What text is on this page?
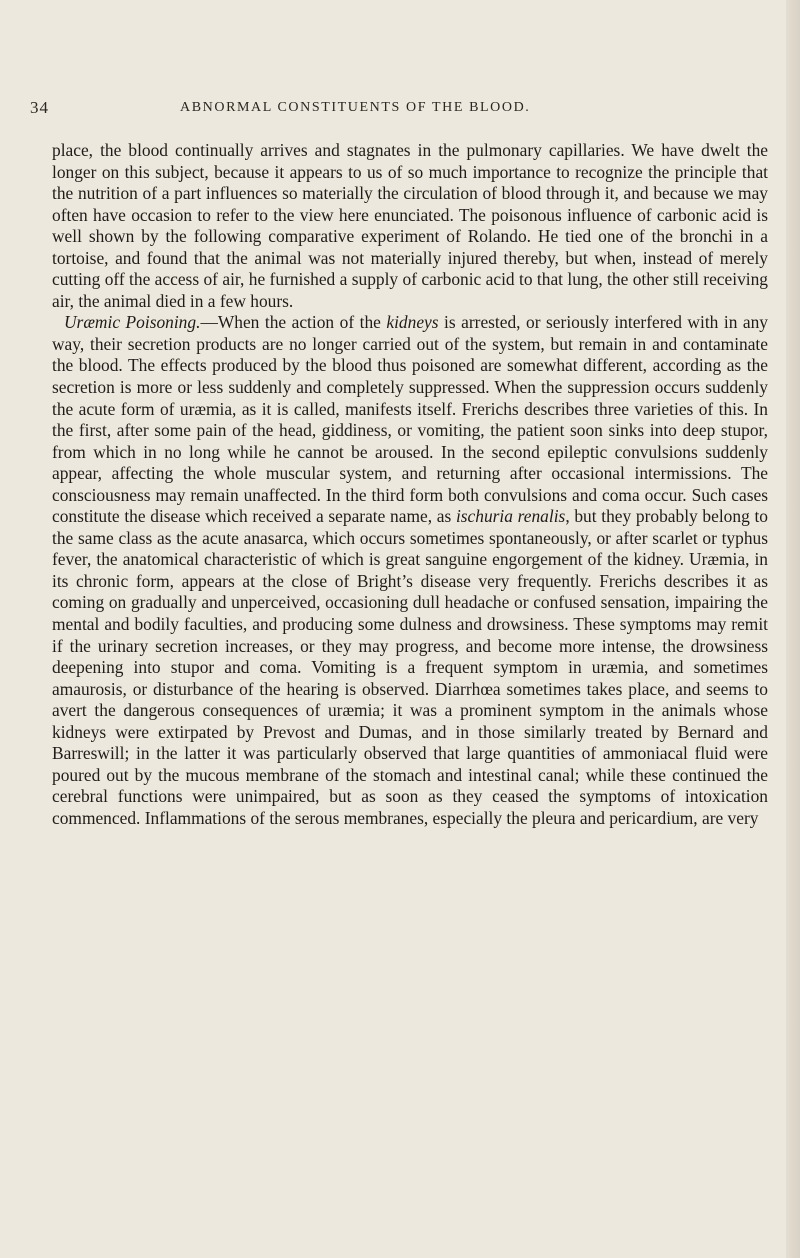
34	ABNORMAL CONSTITUENTS OF THE BLOOD.

place, the blood continually arrives and stagnates in the pulmonary capillaries. We have dwelt the longer on this subject, because it appears to us of so much importance to recognize the principle that the nutrition of a part influences so materially the circulation of blood through it, and because we may often have occasion to refer to the view here enunciated. The poisonous influence of carbonic acid is well shown by the following comparative experiment of Rolando. He tied one of the bronchi in a tortoise, and found that the animal was not materially injured thereby, but when, instead of merely cutting off the access of air, he furnished a supply of carbonic acid to that lung, the other still receiving air, the animal died in a few hours.

Uræmic Poisoning.—When the action of the kidneys is arrested, or seriously interfered with in any way, their secretion products are no longer carried out of the system, but remain in and contaminate the blood. The effects produced by the blood thus poisoned are somewhat different, according as the secretion is more or less suddenly and completely suppressed. When the suppression occurs suddenly the acute form of uræmia, as it is called, manifests itself. Frerichs describes three varieties of this. In the first, after some pain of the head, giddiness, or vomiting, the patient soon sinks into deep stupor, from which in no long while he cannot be aroused. In the second epileptic convulsions suddenly appear, affecting the whole muscular system, and returning after occasional intermissions. The consciousness may remain unaffected. In the third form both convulsions and coma occur. Such cases constitute the disease which received a separate name, as ischuria renalis, but they probably belong to the same class as the acute anasarca, which occurs sometimes spontaneously, or after scarlet or typhus fever, the anatomical characteristic of which is great sanguine engorgement of the kidney. Uræmia, in its chronic form, appears at the close of Bright’s disease very frequently. Frerichs describes it as coming on gradually and unperceived, occasioning dull headache or confused sensation, impairing the mental and bodily faculties, and producing some dulness and drowsiness. These symptoms may remit if the urinary secretion increases, or they may progress, and become more intense, the drowsiness deepening into stupor and coma. Vomiting is a frequent symptom in uræmia, and sometimes amaurosis, or disturbance of the hearing is observed. Diarrhœa sometimes takes place, and seems to avert the dangerous consequences of uræmia; it was a prominent symptom in the animals whose kidneys were extirpated by Prevost and Dumas, and in those similarly treated by Bernard and Barreswill; in the latter it was particularly observed that large quantities of ammoniacal fluid were poured out by the mucous membrane of the stomach and intestinal canal; while these continued the cerebral functions were unimpaired, but as soon as they ceased the symptoms of intoxication commenced. Inflammations of the serous membranes, especially the pleura and pericardium, are very
